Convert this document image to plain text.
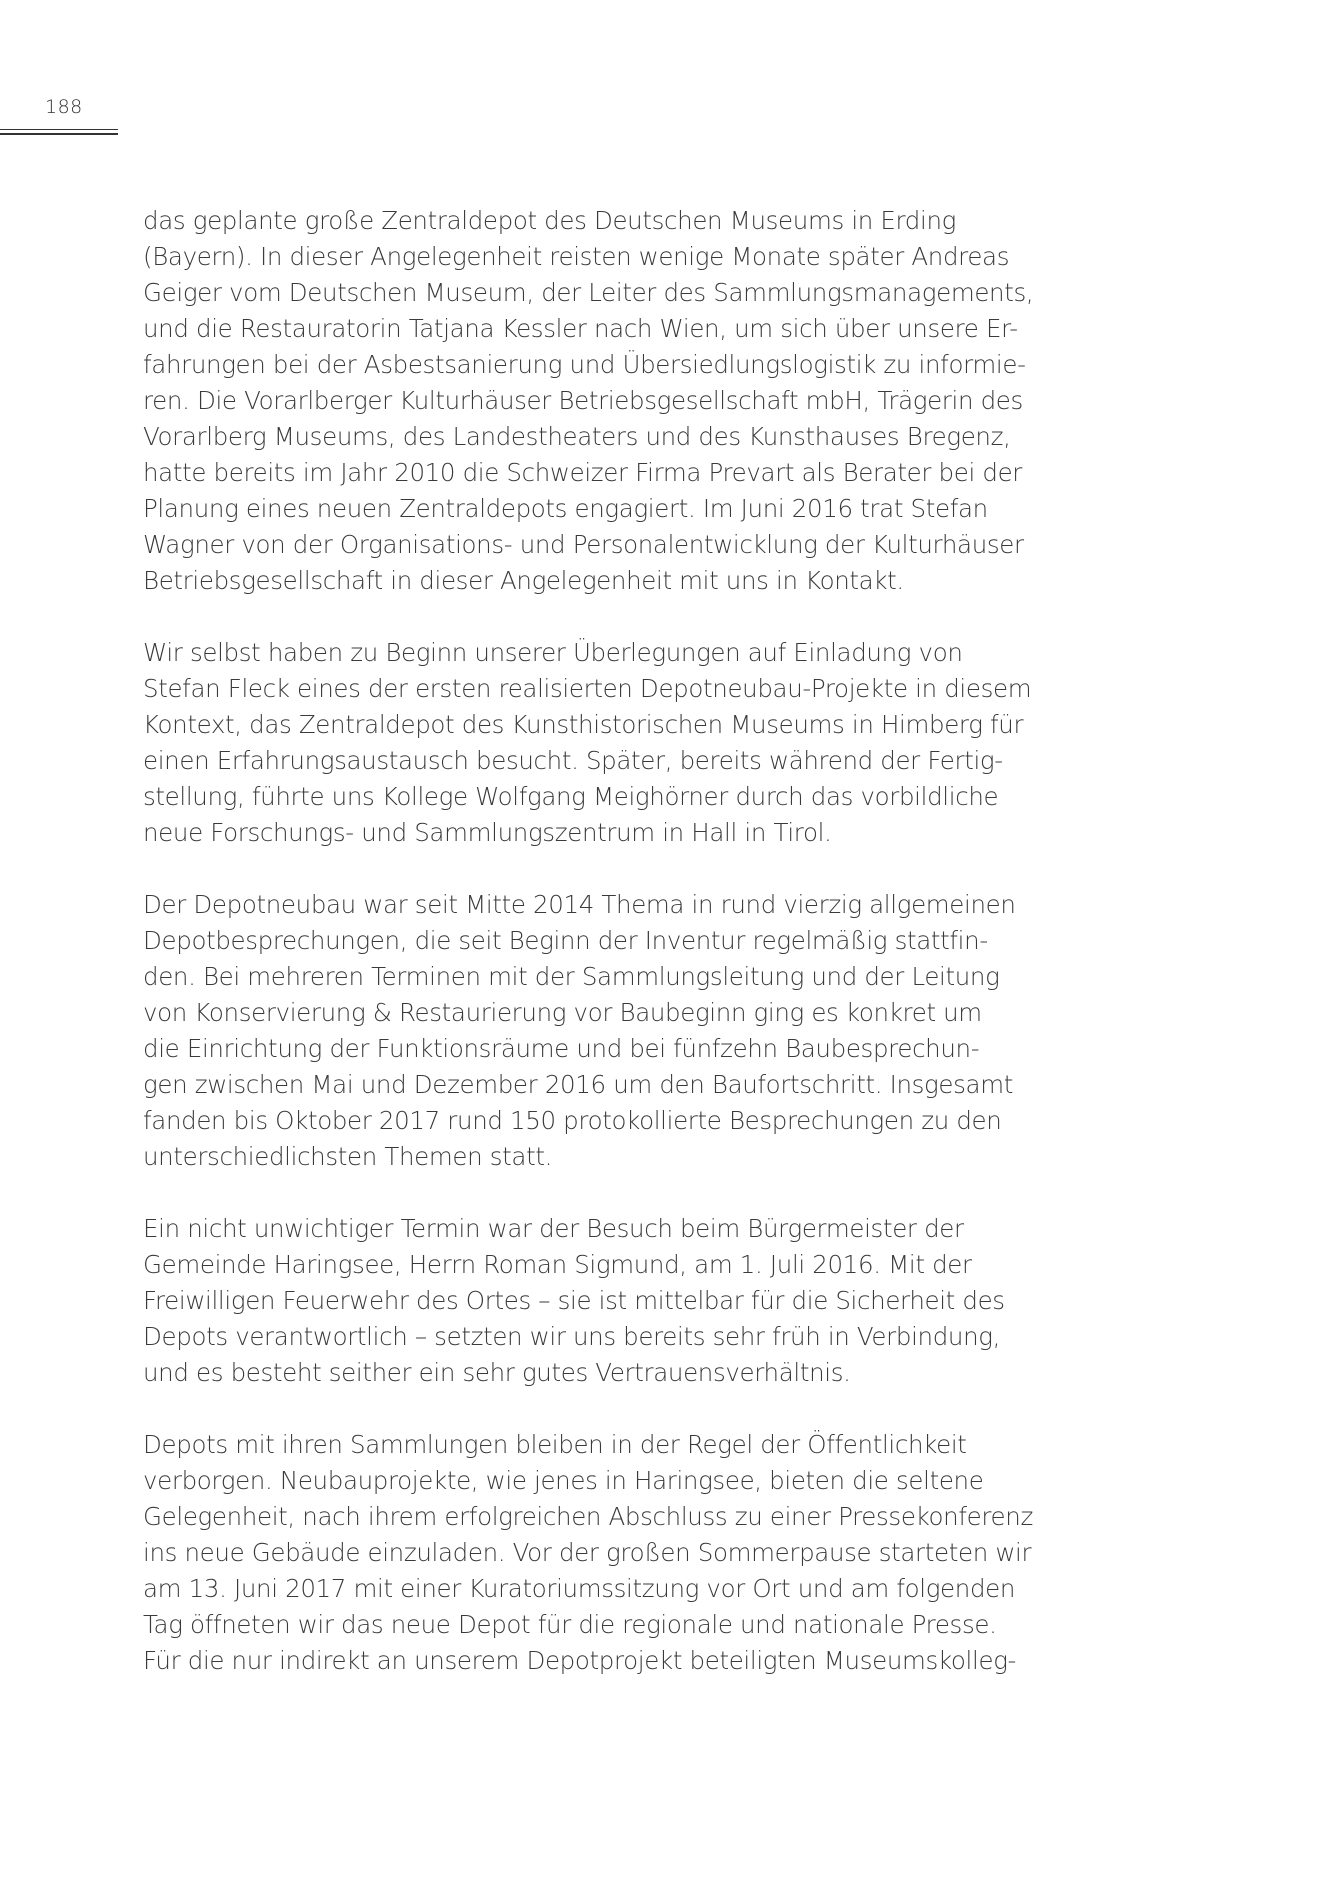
188
das geplante große Zentraldepot des Deutschen Museums in Erding
(Bayern). In dieser Angelegenheit reisten wenige Monate später Andreas
Geiger vom Deutschen Museum, der Leiter des Sammlungsmanagements,
und die Restauratorin Tatjana Kessler nach Wien, um sich über unsere Er-
fahrungen bei der Asbestsanierung und Übersiedlungslogistik zu informie-
ren. Die Vorarlberger Kulturhäuser Betriebsgesellschaft mbH, Trägerin des
Vorarlberg Museums, des Landestheaters und des Kunsthauses Bregenz,
hatte bereits im Jahr 2010 die Schweizer Firma Prevart als Berater bei der
Planung eines neuen Zentraldepots engagiert. Im Juni 2016 trat Stefan
Wagner von der Organisations- und Personalentwicklung der Kulturhäuser
Betriebsgesellschaft in dieser Angelegenheit mit uns in Kontakt.
Wir selbst haben zu Beginn unserer Überlegungen auf Einladung von
Stefan Fleck eines der ersten realisierten Depotneubau-Projekte in diesem
Kontext, das Zentraldepot des Kunsthistorischen Museums in Himberg für
einen Erfahrungsaustausch besucht. Später, bereits während der Fertig-
stellung, führte uns Kollege Wolfgang Meighörner durch das vorbildliche
neue Forschungs- und Sammlungszentrum in Hall in Tirol.
Der Depotneubau war seit Mitte 2014 Thema in rund vierzig allgemeinen
Depotbesprechungen, die seit Beginn der Inventur regelmäßig stattfin-
den. Bei mehreren Terminen mit der Sammlungsleitung und der Leitung
von Konservierung & Restaurierung vor Baubeginn ging es konkret um
die Einrichtung der Funktionsräume und bei fünfzehn Baubesprechun-
gen zwischen Mai und Dezember 2016 um den Baufortschritt. Insgesamt
fanden bis Oktober 2017 rund 150 protokollierte Besprechungen zu den
unterschiedlichsten Themen statt.
Ein nicht unwichtiger Termin war der Besuch beim Bürgermeister der
Gemeinde Haringsee, Herrn Roman Sigmund, am 1. Juli 2016. Mit der
Freiwilligen Feuerwehr des Ortes – sie ist mittelbar für die Sicherheit des
Depots verantwortlich – setzten wir uns bereits sehr früh in Verbindung,
und es besteht seither ein sehr gutes Vertrauensverhältnis.
Depots mit ihren Sammlungen bleiben in der Regel der Öffentlichkeit
verborgen. Neubauprojekte, wie jenes in Haringsee, bieten die seltene
Gelegenheit, nach ihrem erfolgreichen Abschluss zu einer Pressekonferenz
ins neue Gebäude einzuladen. Vor der großen Sommerpause starteten wir
am 13. Juni 2017 mit einer Kuratoriumssitzung vor Ort und am folgenden
Tag öffneten wir das neue Depot für die regionale und nationale Presse.
Für die nur indirekt an unserem Depotprojekt beteiligten Museumskolleg-
